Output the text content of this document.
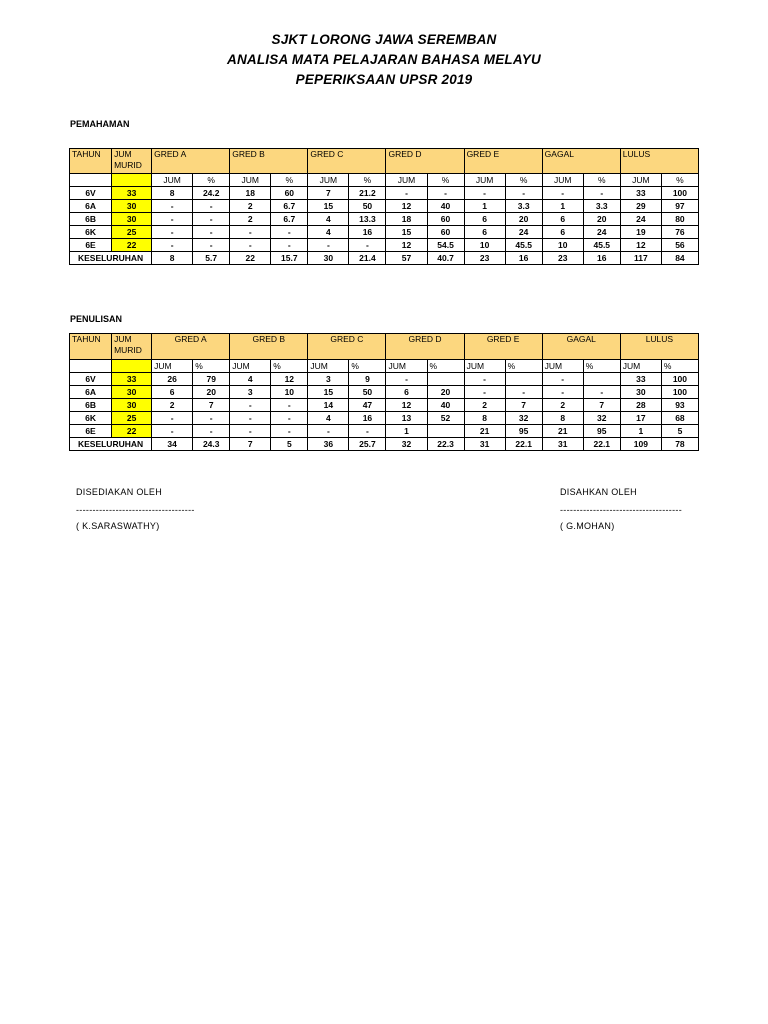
SJKT LORONG JAWA SEREMBAN
ANALISA MATA PELAJARAN BAHASA MELAYU
PEPERIKSAAN UPSR 2019
PEMAHAMAN
TAHUN	JUM MURID	GRED A		GRED B		GRED C		GRED D		GRED E		GAGAL		LULUS	
		JUM	%	JUM	%	JUM	%	JUM	%	JUM	%	JUM	%	JUM	%
6V	33	8	24.2	18	60	7	21.2	-	-	-	-	-	-	33	100
6A	30	-	-	2	6.7	15	50	12	40	1	3.3	1	3.3	29	97
6B	30	-	-	2	6.7	4	13.3	18	60	6	20	6	20	24	80
6K	25	-	-	-	-	4	16	15	60	6	24	6	24	19	76
6E	22	-	-	-	-	-	-	12	54.5	10	45.5	10	45.5	12	56
KESELURUHAN		8	5.7	22	15.7	30	21.4	57	40.7	23	16	23	16	117	84
PENULISAN
TAHUN	JUM MURID	GRED A		GRED B		GRED C		GRED D		GRED E		GAGAL		LULUS	
		JUM	%	JUM	%	JUM	%	JUM	%	JUM	%	JUM	%	JUM	%
6V	33	26	79	4	12	3	9	-		-		-		33	100
6A	30	6	20	3	10	15	50	6	20	-	-	-	-	30	100
6B	30	2	7	-	-	14	47	12	40	2	7	2	7	28	93
6K	25	-	-	-	-	4	16	13	52	8	32	8	32	17	68
6E	22	-	-	-	-	-	-	1		21	95	21	95	1	5
KESELURUHAN		34	24.3	7	5	36	25.7	32	22.3	31	22.1	31	22.1	109	78
DISEDIAKAN OLEH
------------------------------------
( K.SARASWATHY)
DISAHKAN OLEH
-------------------------------------
( G.MOHAN)
